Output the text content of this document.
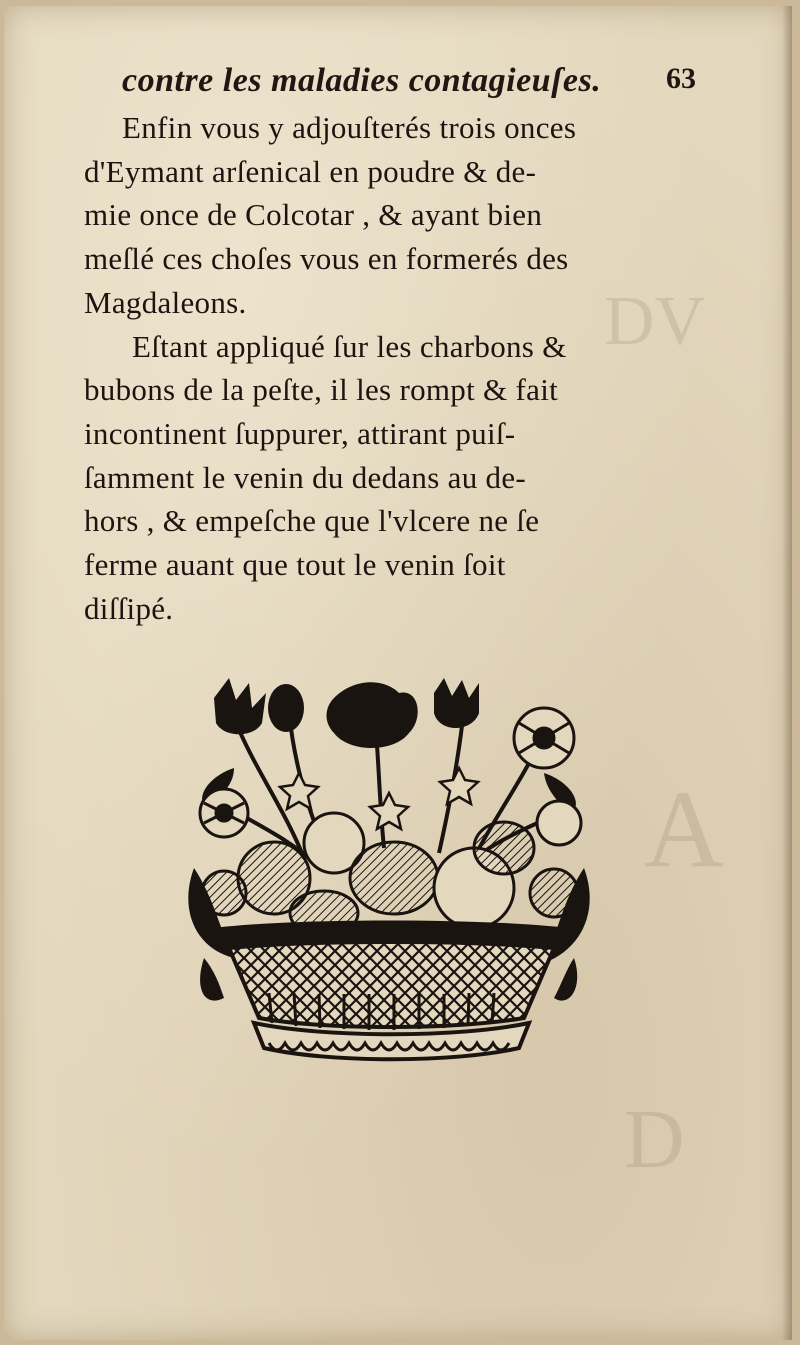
DV
A
D
contre les maladies contagieuſes. 63
Enfin vous y adjouſterés trois onces
d'Eymant arſenical en poudre & de-
mie once de Colcotar , & ayant bien
meſlé ces choſes vous en formerés des
Magdaleons.
Eſtant appliqué ſur les charbons &
bubons de la peſte, il les rompt & fait
incontinent ſuppurer, attirant puiſ-
ſamment le venin du dedans au de-
hors , & empeſche que l'vlcere ne ſe
ferme auant que tout le venin ſoit
diſſipé.
